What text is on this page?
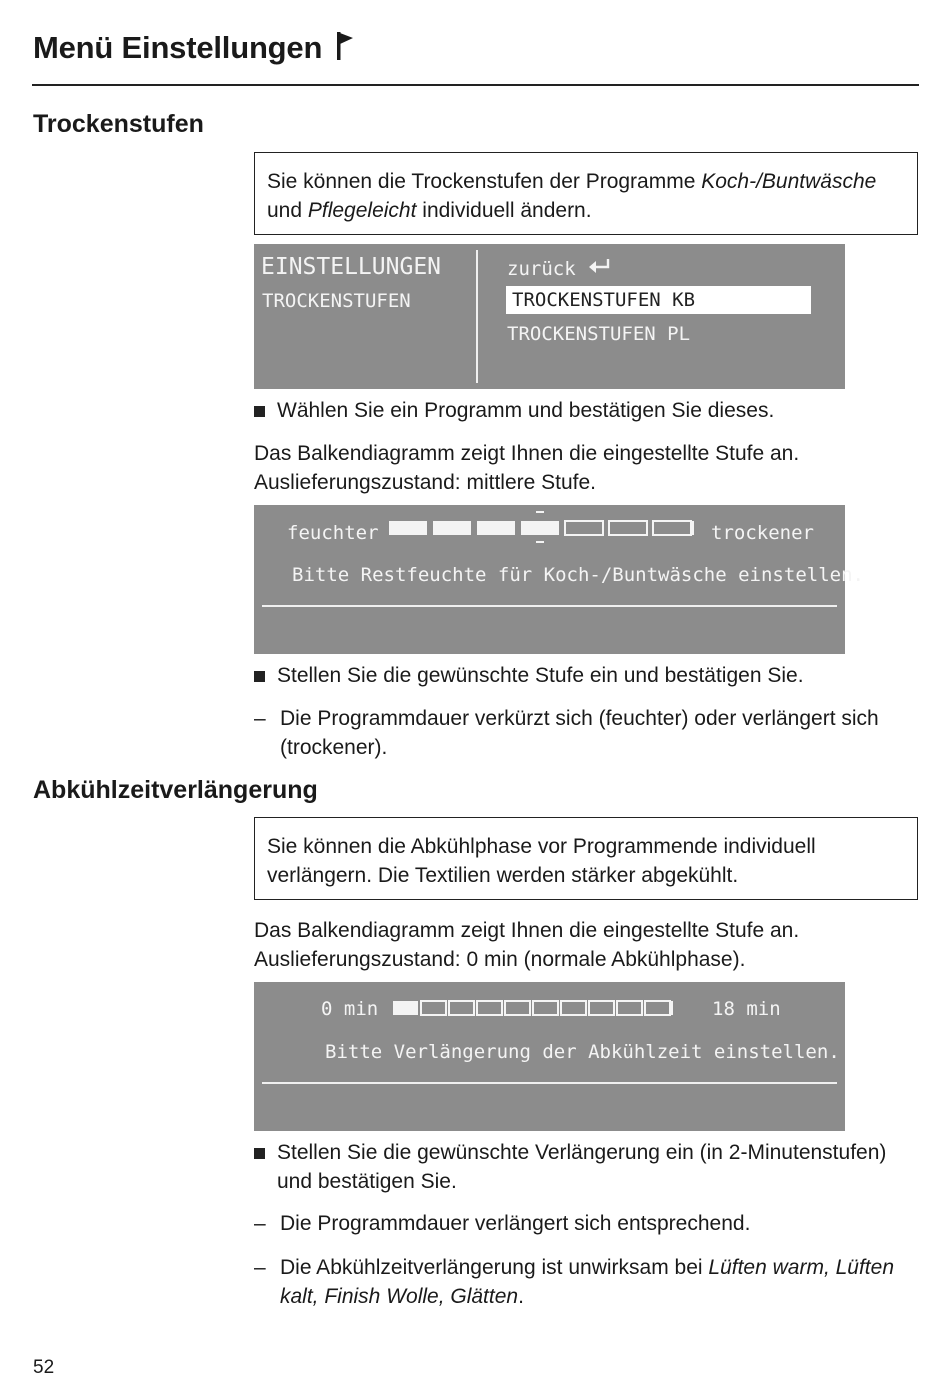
Menü Einstellungen
Trockenstufen
Sie können die Trockenstufen der Programme Koch-/Buntwäsche und Pflegeleicht individuell ändern.
EINSTELLUNGEN
TROCKENSTUFEN
zurück
TROCKENSTUFEN KB
TROCKENSTUFEN PL
Wählen Sie ein Programm und bestätigen Sie dieses.
Das Balkendiagramm zeigt Ihnen die eingestellte Stufe an.
Auslieferungszustand: mittlere Stufe.
feuchter	trockener
Bitte Restfeuchte für Koch-/Buntwäsche einstellen.
Stellen Sie die gewünschte Stufe ein und bestätigen Sie.
– Die Programmdauer verkürzt sich (feuchter) oder verlängert sich (trockener).
Abkühlzeitverlängerung
Sie können die Abkühlphase vor Programmende individuell verlängern. Die Textilien werden stärker abgekühlt.
Das Balkendiagramm zeigt Ihnen die eingestellte Stufe an.
Auslieferungszustand: 0 min (normale Abkühlphase).
0 min	18 min
Bitte Verlängerung der Abkühlzeit einstellen.
Stellen Sie die gewünschte Verlängerung ein (in 2-Minutenstufen) und bestätigen Sie.
– Die Programmdauer verlängert sich entsprechend.
– Die Abkühlzeitverlängerung ist unwirksam bei Lüften warm, Lüften kalt, Finish Wolle, Glätten.
52
